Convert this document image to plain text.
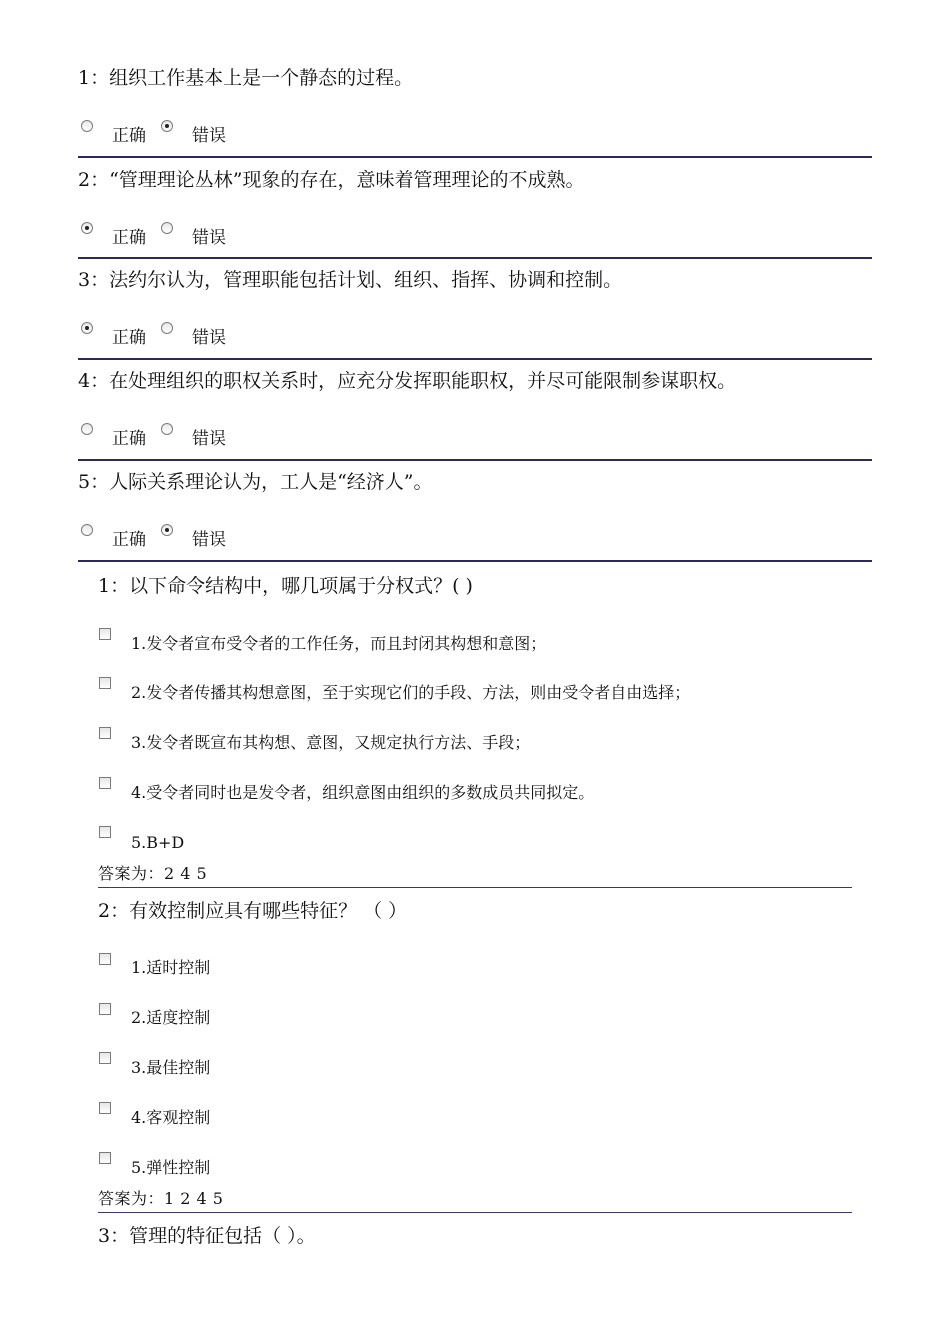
1：组织工作基本上是一个静态的过程。
正确	错误
2：“管理理论丛林”现象的存在，意味着管理理论的不成熟。
正确	错误
3：法约尔认为，管理职能包括计划、组织、指挥、协调和控制。
正确	错误
4：在处理组织的职权关系时，应充分发挥职能职权，并尽可能限制参谋职权。
正确	错误
5：人际关系理论认为，工人是“经济人”。
正确	错误
1：以下命令结构中，哪几项属于分权式？( )
1.发令者宣布受令者的工作任务，而且封闭其构想和意图；
2.发令者传播其构想意图，至于实现它们的手段、方法，则由受令者自由选择；
3.发令者既宣布其构想、意图，又规定执行方法、手段；
4.受令者同时也是发令者，组织意图由组织的多数成员共同拟定。
5.B+D
答案为：2 4 5
2：有效控制应具有哪些特征？ （ ）
1.适时控制
2.适度控制
3.最佳控制
4.客观控制
5.弹性控制
答案为：1 2 4 5
3：管理的特征包括（ ）。
